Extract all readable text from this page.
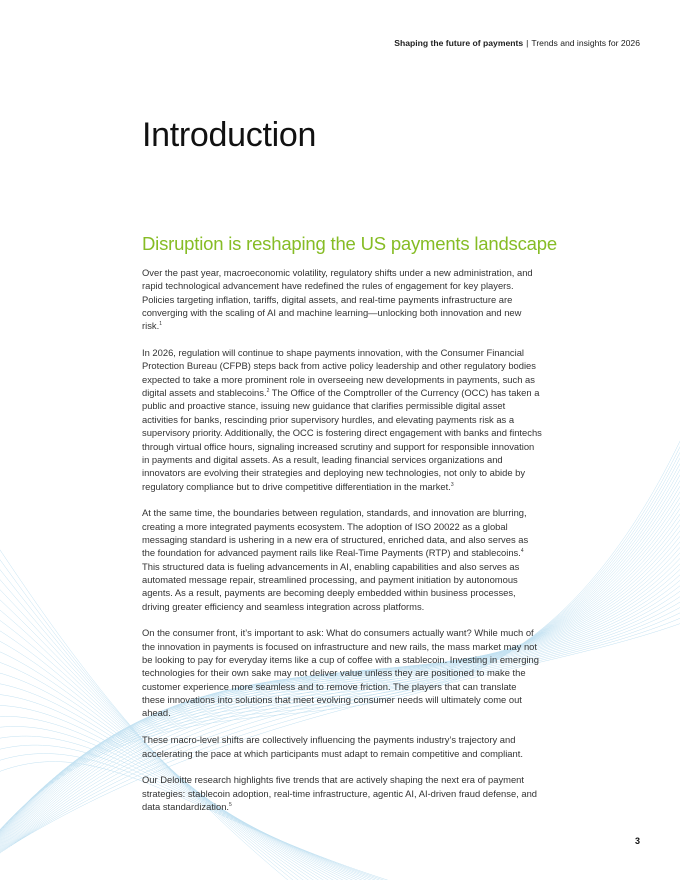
Shaping the future of payments | Trends and insights for 2026
Introduction
Disruption is reshaping the US payments landscape

Over the past year, macroeconomic volatility, regulatory shifts under a new administration, and rapid technological advancement have redefined the rules of engagement for key players. Policies targeting inflation, tariffs, digital assets, and real-time payments infrastructure are converging with the scaling of AI and machine learning—unlocking both innovation and new risk.$^1$

In 2026, regulation will continue to shape payments innovation, with the Consumer Financial Protection Bureau (CFPB) steps back from active policy leadership and other regulatory bodies expected to take a more prominent role in overseeing new developments in payments, such as digital assets and stablecoins.$^2$ The Office of the Comptroller of the Currency (OCC) has taken a public and proactive stance, issuing new guidance that clarifies permissible digital asset activities for banks, rescinding prior supervisory hurdles, and elevating payments risk as a supervisory priority. Additionally, the OCC is fostering direct engagement with banks and fintechs through virtual office hours, signaling increased scrutiny and support for responsible innovation in payments and digital assets. As a result, leading financial services organizations and innovators are evolving their strategies and deploying new technologies, not only to abide by regulatory compliance but to drive competitive differentiation in the market.$^3$

At the same time, the boundaries between regulation, standards, and innovation are blurring, creating a more integrated payments ecosystem. The adoption of ISO 20022 as a global messaging standard is ushering in a new era of structured, enriched data, and also serves as the foundation for advanced payment rails like Real-Time Payments (RTP) and stablecoins.$^4$ This structured data is fueling advancements in AI, enabling capabilities and also serves as automated message repair, streamlined processing, and payment initiation by autonomous agents. As a result, payments are becoming deeply embedded within business processes, driving greater efficiency and seamless integration across platforms.

On the consumer front, it’s important to ask: What do consumers actually want? While much of the innovation in payments is focused on infrastructure and new rails, the mass market may not be looking to pay for everyday items like a cup of coffee with a stablecoin. Investing in emerging technologies for their own sake may not deliver value unless they are positioned to make the customer experience more seamless and to remove friction. The players that can translate these innovations into solutions that meet evolving consumer needs will ultimately come out ahead.

These macro-level shifts are collectively influencing the payments industry’s trajectory and accelerating the pace at which participants must adapt to remain competitive and compliant.

Our Deloitte research highlights five trends that are actively shaping the next era of payment strategies: stablecoin adoption, real-time infrastructure, agentic AI, AI-driven fraud defense, and data standardization.$^5$

3
